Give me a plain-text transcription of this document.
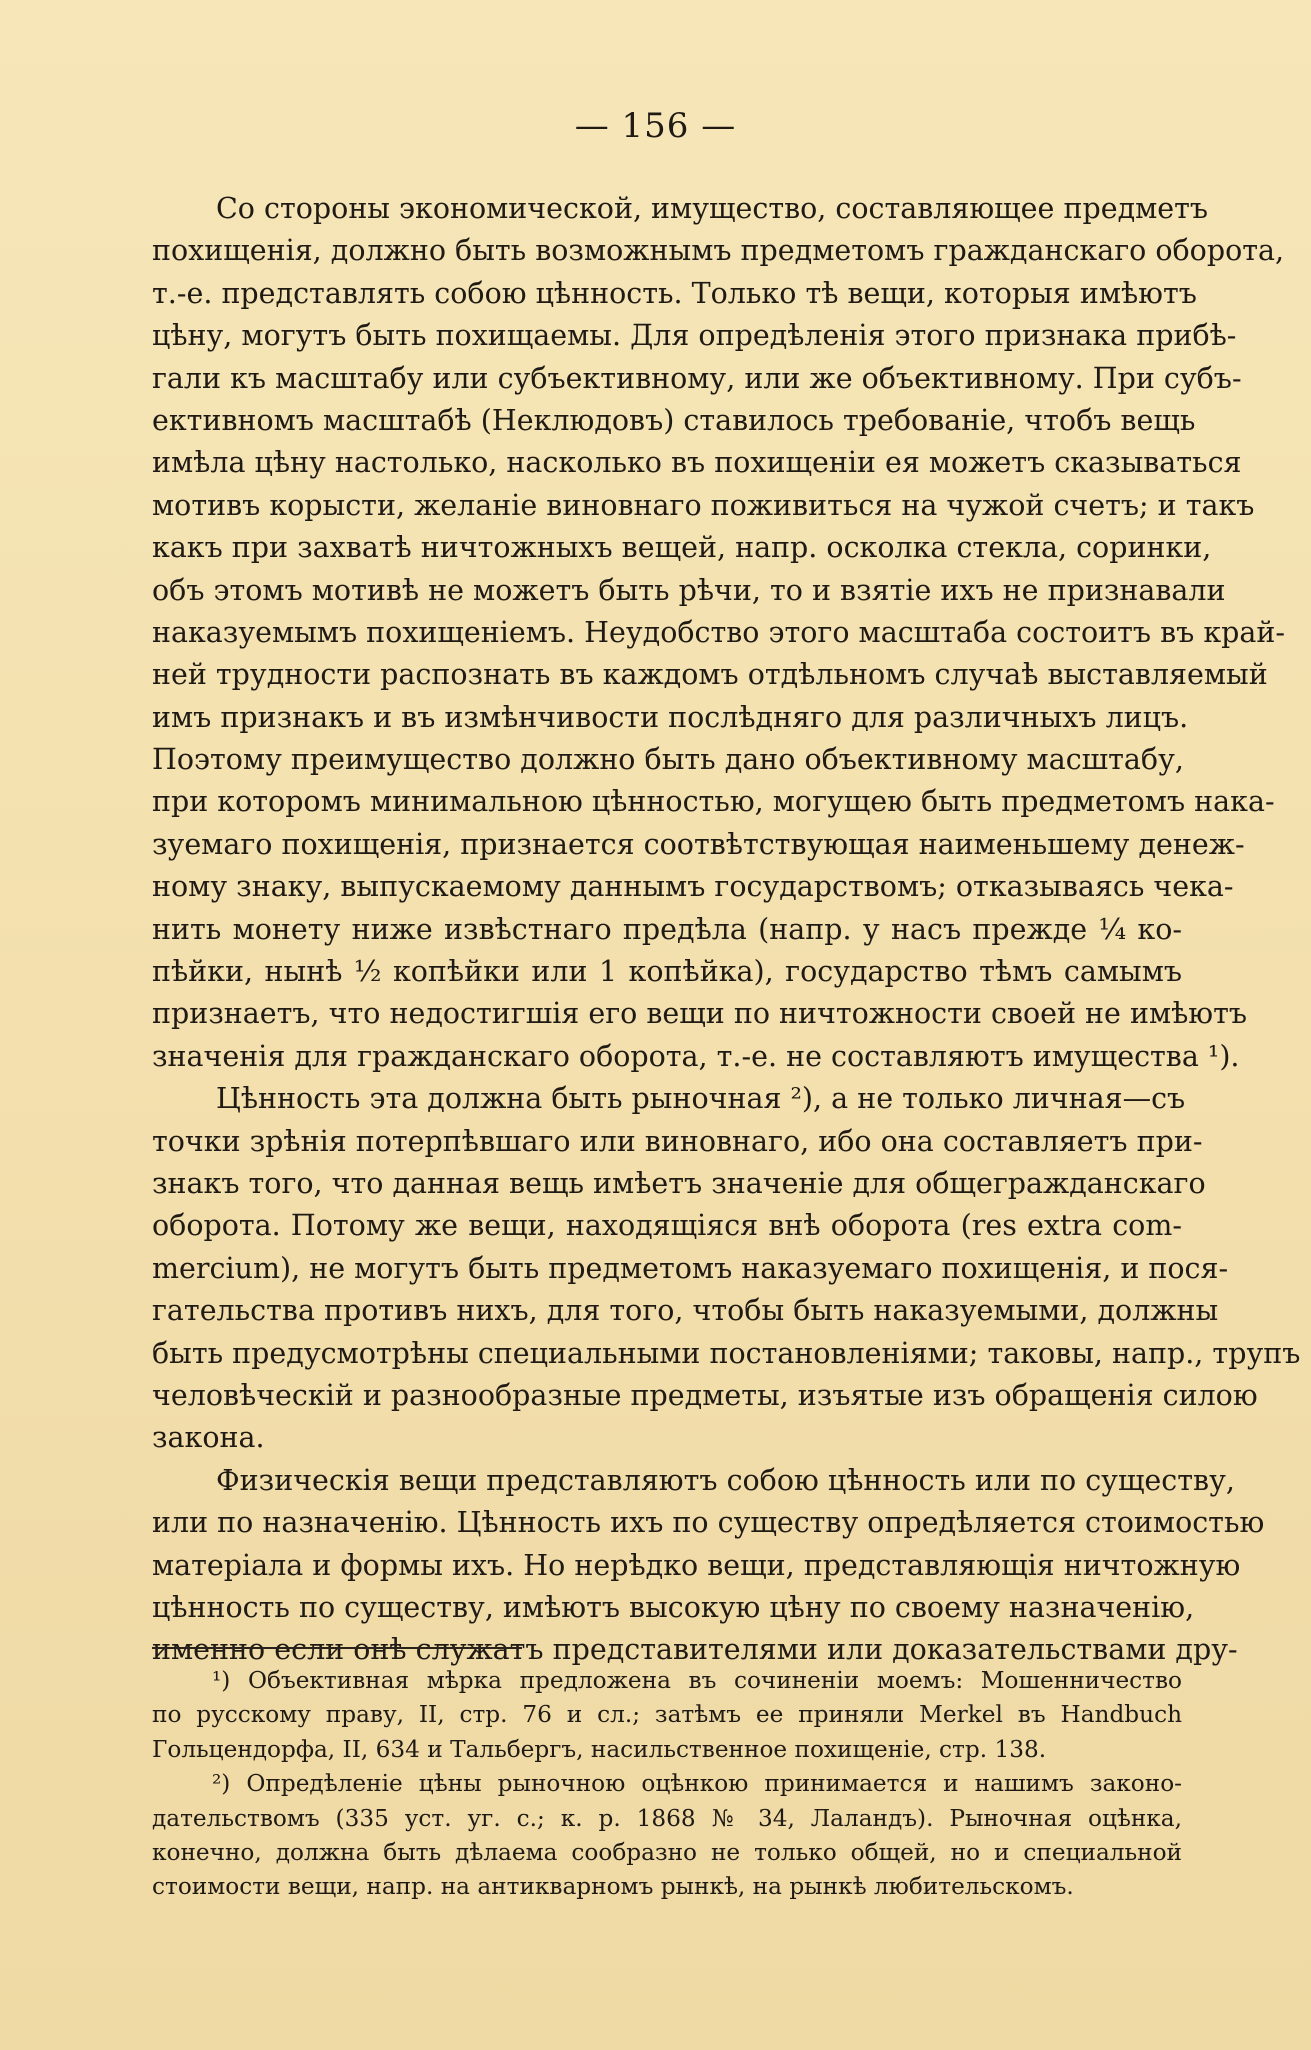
— 156 —
Со стороны экономической, имущество, составляющее предметъ
похищенія, должно быть возможнымъ предметомъ гражданскаго оборота,
т.-е. представлять собою цѣнность. Только тѣ вещи, которыя имѣютъ
цѣну, могутъ быть похищаемы. Для опредѣленія этого признака прибѣ-
гали къ масштабу или субъективному, или же объективному. При субъ-
ективномъ масштабѣ (Неклюдовъ) ставилось требованіе, чтобъ вещь
имѣла цѣну настолько, насколько въ похищеніи ея можетъ сказываться
мотивъ корысти, желаніе виновнаго поживиться на чужой счетъ; и такъ
какъ при захватѣ ничтожныхъ вещей, напр. осколка стекла, соринки,
объ этомъ мотивѣ не можетъ быть рѣчи, то и взятіе ихъ не признавали
наказуемымъ похищеніемъ. Неудобство этого масштаба состоитъ въ край-
ней трудности распознать въ каждомъ отдѣльномъ случаѣ выставляемый
имъ признакъ и въ измѣнчивости послѣдняго для различныхъ лицъ.
Поэтому преимущество должно быть дано объективному масштабу,
при которомъ минимальною цѣнностью, могущею быть предметомъ нака-
зуемаго похищенія, признается соотвѣтствующая наименьшему денеж-
ному знаку, выпускаемому даннымъ государствомъ; отказываясь чека-
нить монету ниже извѣстнаго предѣла (напр. у насъ прежде ¼ ко-
пѣйки, нынѣ ½ копѣйки или 1 копѣйка), государство тѣмъ самымъ
признаетъ, что недостигшія его вещи по ничтожности своей не имѣютъ
значенія для гражданскаго оборота, т.-е. не составляютъ имущества ¹).
Цѣнность эта должна быть рыночная ²), а не только личная—съ
точки зрѣнія потерпѣвшаго или виновнаго, ибо она составляетъ при-
знакъ того, что данная вещь имѣетъ значеніе для общегражданскаго
оборота. Потому же вещи, находящіяся внѣ оборота (res extra com-
mercium), не могутъ быть предметомъ наказуемаго похищенія, и пося-
гательства противъ нихъ, для того, чтобы быть наказуемыми, должны
быть предусмотрѣны специальными постановленіями; таковы, напр., трупъ
человѣческій и разнообразные предметы, изъятые изъ обращенія силою
закона.
Физическія вещи представляютъ собою цѣнность или по существу,
или по назначенію. Цѣнность ихъ по существу опредѣляется стоимостью
матеріала и формы ихъ. Но нерѣдко вещи, представляющія ничтожную
цѣнность по существу, имѣютъ высокую цѣну по своему назначенію,
именно если онѣ служатъ представителями или доказательствами дру-
¹) Объективная мѣрка предложена въ сочиненіи моемъ: Мошенничество
по русскому праву, II, стр. 76 и сл.; затѣмъ ее приняли Merkel въ Handbuch
Гольцендорфа, II, 634 и Тальбергъ, насильственное похищеніе, стр. 138.
²) Опредѣленіе цѣны рыночною оцѣнкою принимается и нашимъ законо-
дательствомъ (335 уст. уг. с.; к. р. 1868 № 34, Лаландъ). Рыночная оцѣнка,
конечно, должна быть дѣлаема сообразно не только общей, но и специальной
стоимости вещи, напр. на антикварномъ рынкѣ, на рынкѣ любительскомъ.
